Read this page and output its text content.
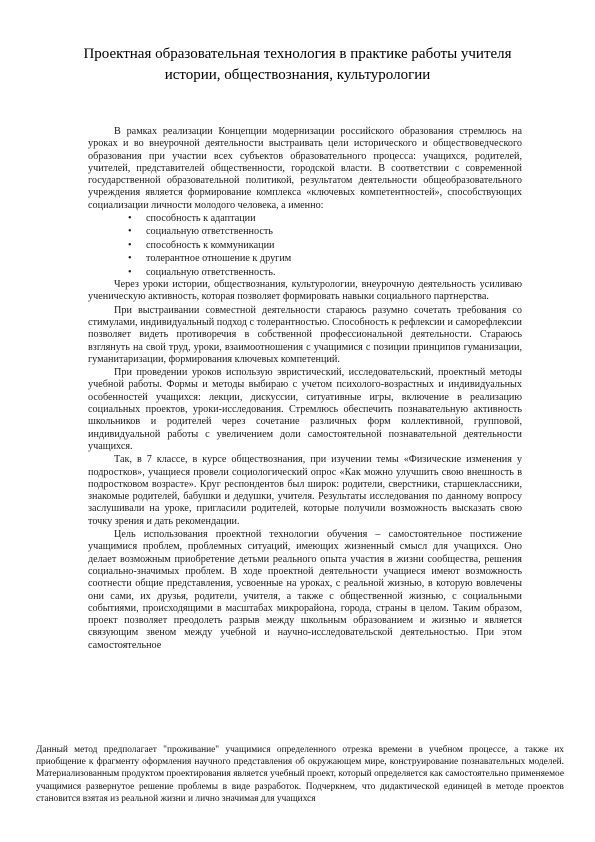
Проектная образовательная технология в практике работы учителя
истории, обществознания, культурологии

В рамках реализации Концепции модернизации российского образования стремлюсь на уроках и во внеурочной деятельности выстраивать цели исторического и обществоведческого образования при участии всех субъектов образовательного процесса: учащихся, родителей, учителей, представителей общественности, городской власти. В соответствии с современной государственной образовательной политикой, результатом деятельности общеобразовательного учреждения является формирование комплекса «ключевых компетентностей», способствующих социализации личности молодого человека, а именно:

• способность к адаптации
• социальную ответственность
• способность к коммуникации
• толерантное отношение к другим
• социальную ответственность.

Через уроки истории, обществознания, культурологии, внеурочную деятельность усиливаю ученическую активность, которая позволяет формировать навыки социального партнерства.

При выстраивании совместной деятельности стараюсь разумно сочетать требования со стимулами, индивидуальный подход с толерантностью. Способность к рефлексии и саморефлексии позволяет видеть противоречия в собственной профессиональной деятельности. Стараюсь взглянуть на свой труд, уроки, взаимоотношения с учащимися с позиции принципов гуманизации, гуманитаризации, формирования ключевых компетенций.

При проведении уроков использую эвристический, исследовательский, проектный методы учебной работы. Формы и методы выбираю с учетом психолого-возрастных и индивидуальных особенностей учащихся: лекции, дискуссии, ситуативные игры, включение в реализацию социальных проектов, уроки-исследования. Стремлюсь обеспечить познавательную активность школьников и родителей через сочетание различных форм коллективной, групповой, индивидуальной работы с увеличением доли самостоятельной познавательной деятельности учащихся.

Так, в 7 классе, в курсе обществознания, при изучении темы «Физические изменения у подростков», учащиеся провели социологический опрос «Как можно улучшить свою внешность в подростковом возрасте». Круг респондентов был широк: родители, сверстники, старшеклассники, знакомые родителей, бабушки и дедушки, учителя. Результаты исследования по данному вопросу заслушивали на уроке, пригласили родителей, которые получили возможность высказать свою точку зрения и дать рекомендации.

Цель использования проектной технологии обучения – самостоятельное постижение учащимися проблем, проблемных ситуаций, имеющих жизненный смысл для учащихся. Оно делает возможным приобретение детьми реального опыта участия в жизни сообщества, решения социально-значимых проблем. В ходе проектной деятельности учащиеся имеют возможность соотнести общие представления, усвоенные на уроках, с реальной жизнью, в которую вовлечены они сами, их друзья, родители, учителя, а также с общественной жизнью, с социальными событиями, происходящими в масштабах микрорайона, города, страны в целом. Таким образом, проект позволяет преодолеть разрыв между школьным образованием и жизнью и является связующим звеном между учебной и научно-исследовательской деятельностью. При этом самостоятельное

Данный метод предполагает "проживание" учащимися определенного отрезка времени в учебном процессе, а также их приобщение к фрагменту оформления научного представления об окружающем мире, конструирование познавательных моделей. Материализованным продуктом проектирования является учебный проект, который определяется как самостоятельно применяемое учащимися развернутое решение проблемы в виде разработок. Подчеркнем, что дидактической единицей в методе проектов становится взятая из реальной жизни и лично значимая для учащихся
